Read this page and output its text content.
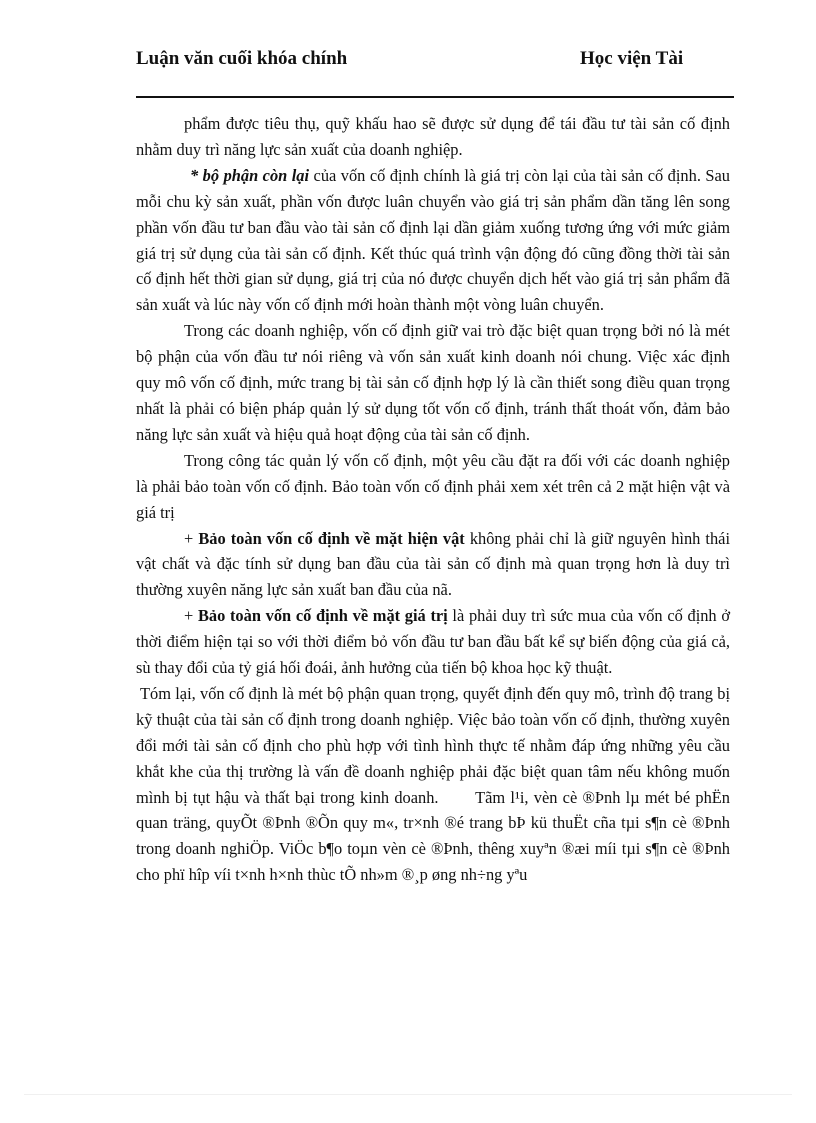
Luận văn cuối khóa chính	Học viện Tài

phẩm được tiêu thụ, quỹ khấu hao sẽ được sử dụng để tái đầu tư tài sản cố định nhằm duy trì năng lực sản xuất của doanh nghiệp.

* bộ phận còn lại của vốn cố định chính là giá trị còn lại của tài sản cố định. Sau mỗi chu kỳ sản xuất, phần vốn được luân chuyển vào giá trị sản phẩm dần tăng lên song phần vốn đầu tư ban đầu vào tài sản cố định lại dần giảm xuống tương ứng với mức giảm giá trị sử dụng của tài sản cố định. Kết thúc quá trình vận động đó cũng đồng thời tài sản cố định hết thời gian sử dụng, giá trị của nó được chuyển dịch hết vào giá trị sản phẩm đã sản xuất và lúc này vốn cố định mới hoàn thành một vòng luân chuyển.

Trong các doanh nghiệp, vốn cố định giữ vai trò đặc biệt quan trọng bởi nó là mét bộ phận của vốn đầu tư nói riêng và vốn sản xuất kinh doanh nói chung. Việc xác định quy mô vốn cố định, mức trang bị tài sản cố định hợp lý là cần thiết song điều quan trọng nhất là phải có biện pháp quản lý sử dụng tốt vốn cố định, tránh thất thoát vốn, đảm bảo năng lực sản xuất và hiệu quả hoạt động của tài sản cố định.

Trong công tác quản lý vốn cố định, một yêu cầu đặt ra đối với các doanh nghiệp là phải bảo toàn vốn cố định. Bảo toàn vốn cố định phải xem xét trên cả 2 mặt hiện vật và giá trị

+ Bảo toàn vốn cố định về mặt hiện vật không phải chỉ là giữ nguyên hình thái vật chất và đặc tính sử dụng ban đầu của tài sản cố định mà quan trọng hơn là duy trì thường xuyên năng lực sản xuất ban đầu của nã.

+ Bảo toàn vốn cố định về mặt giá trị là phải duy trì sức mua của vốn cố định ở thời điểm hiện tại so với thời điểm bỏ vốn đầu tư ban đầu bất kể sự biến động của giá cả, sù thay đổi của tỷ giá hối đoái, ảnh hưởng của tiến bộ khoa học kỹ thuật.

Tóm lại, vốn cố định là mét bộ phận quan trọng, quyết định đến quy mô, trình độ trang bị kỹ thuật của tài sản cố định trong doanh nghiệp. Việc bảo toàn vốn cố định, thường xuyên đổi mới tài sản cố định cho phù hợp với tình hình thực tế nhằm đáp ứng những yêu cầu khắt khe của thị trường là vấn đề doanh nghiệp phải đặc biệt quan tâm nếu không muốn mình bị tụt hậu và thất bại trong kinh doanh. Tãm l¹i, vèn cè ®Þnh lµ mét bé phËn quan träng, quyÕt ®Þnh ®Õn quy m«, tr×nh ®é trang bÞ kü thuËt cña tµi s¶n cè ®Þnh trong doanh nghiÖp. ViÖc b¶o toµn vèn cè ®Þnh, thêng xuyªn ®æi míi tµi s¶n cè ®Þnh cho phï hîp víi t×nh h×nh thùc tÕ nh»m ®¸p øng nh÷ng yªu
